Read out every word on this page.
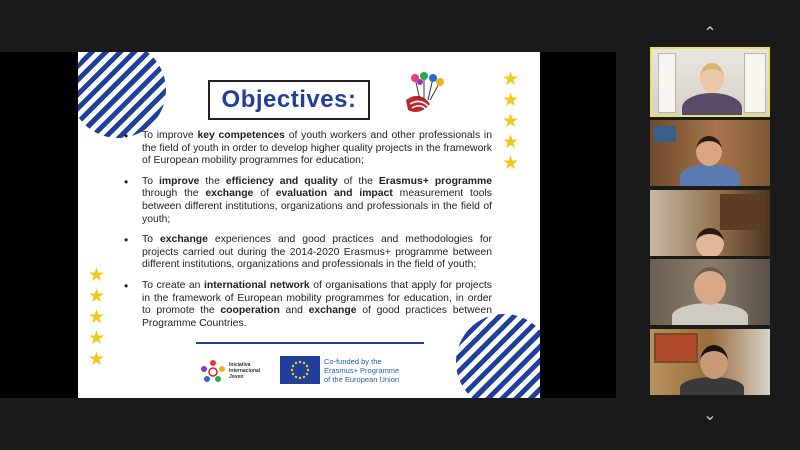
Objectives:
★
★
★
★
★
★
★
★
★
★
• To improve key competences of youth workers and other professionals in the field of youth in order to develop higher quality projects in the framework of European mobility programmes for education;
• To improve the efficiency and quality of the Erasmus+ programme through the exchange of evaluation and impact measurement tools between different institutions, organizations and professionals in the field of youth;
• To exchange experiences and good practices and methodologies for projects carried out during the 2014-2020 Erasmus+ programme between different institutions, organizations and professionals in the field of youth;
• To create an international network of organisations that apply for projects in the framework of European mobility programmes for education, in order to promote the cooperation and exchange of good practices between Programme Countries.
Iniciativa
Internacional
Joven
Co-funded by the
Erasmus+ Programme
of the European Union
⌃
⌄
